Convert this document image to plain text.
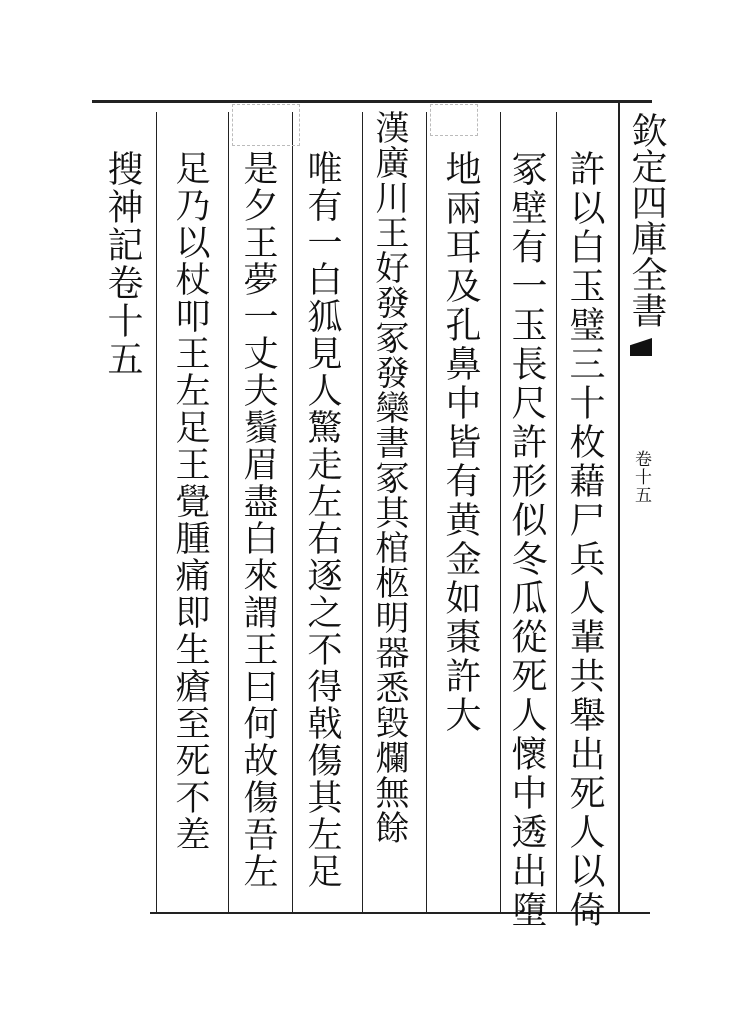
欽定四庫全書
卷十五
許以白玉璧三十枚藉尸兵人輩共舉出死人以倚
冢壁有一玉長尺許形似冬瓜從死人懷中透出墮
地兩耳及孔鼻中皆有黄金如棗許大
漢廣川王好發冢發欒書冢其棺柩明器悉毀爛無餘
唯有一白狐見人驚走左右逐之不得戟傷其左足
是夕王夢一丈夫鬚眉盡白來謂王曰何故傷吾左
足乃以杖叩王左足王覺腫痛即生瘡至死不差
搜神記卷十五
